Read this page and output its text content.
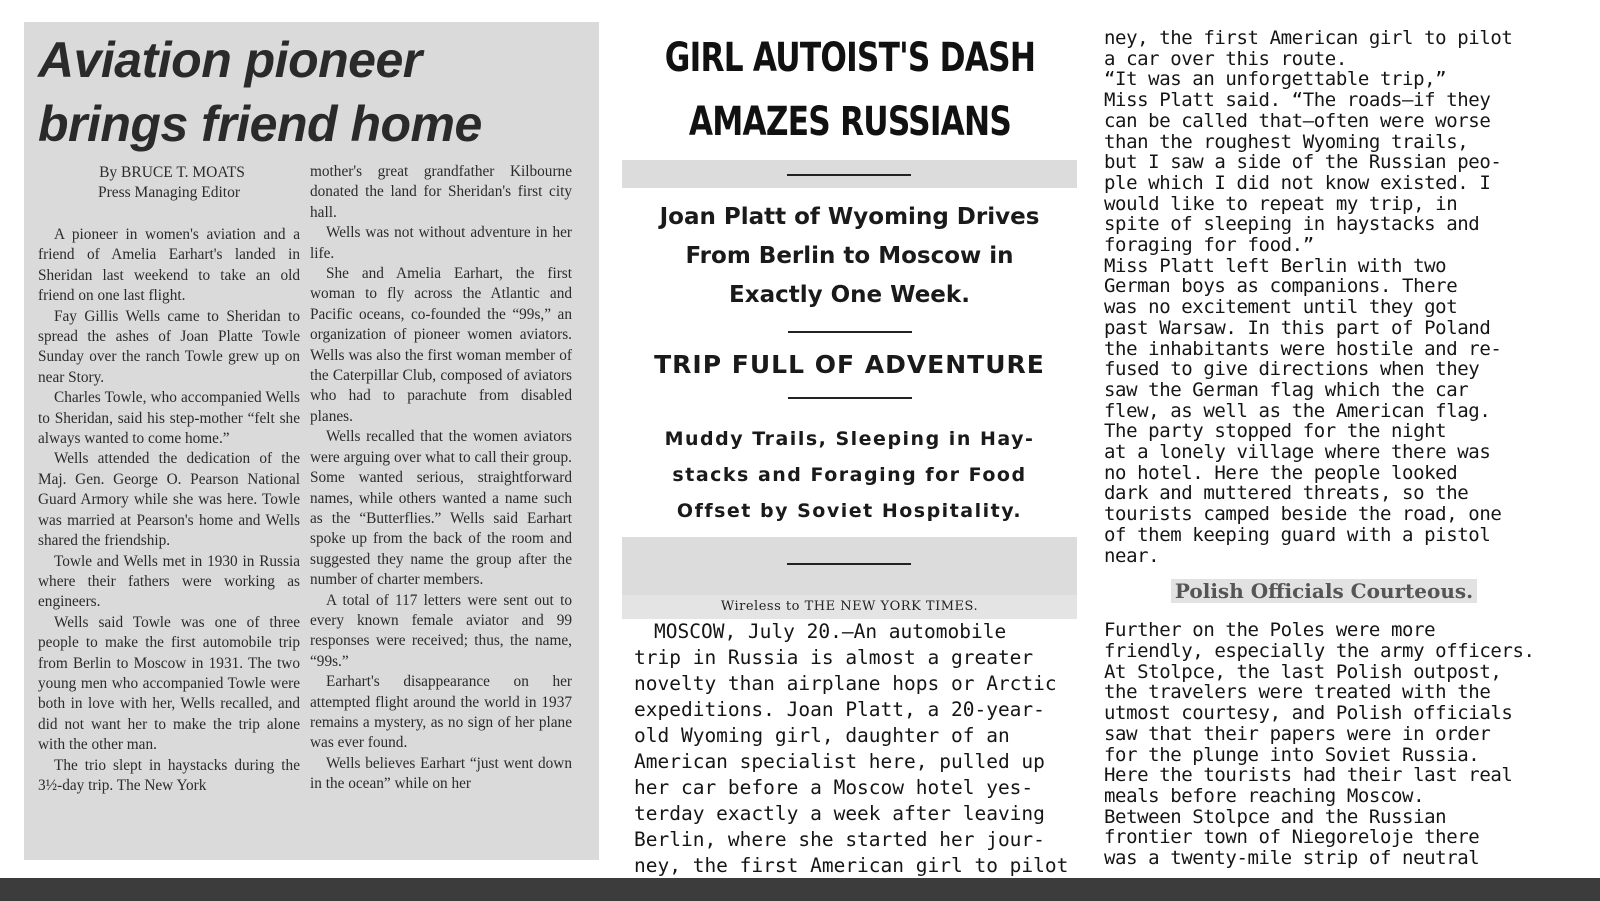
Aviation pioneer
brings friend home
By BRUCE T. MOATS
Press Managing Editor

A pioneer in women's aviation and a friend of Amelia Earhart's landed in Sheridan last weekend to take an old friend on one last flight.

Fay Gillis Wells came to Sheridan to spread the ashes of Joan Platte Towle Sunday over the ranch Towle grew up on near Story.

Charles Towle, who accompanied Wells to Sheridan, said his step-mother “felt she always wanted to come home.”

Wells attended the dedication of the Maj. Gen. George O. Pearson National Guard Armory while she was here. Towle was married at Pearson's home and Wells shared the friendship.

Towle and Wells met in 1930 in Russia where their fathers were working as engineers.

Wells said Towle was one of three people to make the first automobile trip from Berlin to Moscow in 1931. The two young men who accompanied Towle were both in love with her, Wells recalled, and did not want her to make the trip alone with the other man.

The trio slept in haystacks during the 3½-day trip. The New York

mother's great grandfather Kilbourne donated the land for Sheridan's first city hall.

Wells was not without adventure in her life.

She and Amelia Earhart, the first woman to fly across the Atlantic and Pacific oceans, co-founded the “99s,” an organization of pioneer women aviators. Wells was also the first woman member of the Caterpillar Club, composed of aviators who had to parachute from disabled planes.

Wells recalled that the women aviators were arguing over what to call their group. Some wanted serious, straightforward names, while others wanted a name such as the “Butterflies.” Wells said Earhart spoke up from the back of the room and suggested they name the group after the number of charter members.

A total of 117 letters were sent out to every known female aviator and 99 responses were received; thus, the name, “99s.”

Earhart's disappearance on her attempted flight around the world in 1937 remains a mystery, as no sign of her plane was ever found.

Wells believes Earhart “just went down in the ocean” while on her

GIRL AUTOIST'S DASH
AMAZES RUSSIANS
Joan Platt of Wyoming Drives
From Berlin to Moscow in
Exactly One Week.
TRIP FULL OF ADVENTURE
Muddy Trails, Sleeping in Hay-
stacks and Foraging for Food
Offset by Soviet Hospitality.
Wireless to THE NEW YORK TIMES.
MOSCOW, July 20.—An automobile
trip in Russia is almost a greater
novelty than airplane hops or Arctic
expeditions. Joan Platt, a 20-year-
old Wyoming girl, daughter of an
American specialist here, pulled up
her car before a Moscow hotel yes-
terday exactly a week after leaving
Berlin, where she started her jour-
ney, the first American girl to pilot
ney, the first American girl to pilot
a car over this route.
“It was an unforgettable trip,”
Miss Platt said. “The roads—if they
can be called that—often were worse
than the roughest Wyoming trails,
but I saw a side of the Russian peo-
ple which I did not know existed. I
would like to repeat my trip, in
spite of sleeping in haystacks and
foraging for food.”
Miss Platt left Berlin with two
German boys as companions. There
was no excitement until they got
past Warsaw. In this part of Poland
the inhabitants were hostile and re-
fused to give directions when they
saw the German flag which the car
flew, as well as the American flag.
The party stopped for the night
at a lonely village where there was
no hotel. Here the people looked
dark and muttered threats, so the
tourists camped beside the road, one
of them keeping guard with a pistol
near.
Polish Officials Courteous.
Further on the Poles were more
friendly, especially the army officers.
At Stolpce, the last Polish outpost,
the travelers were treated with the
utmost courtesy, and Polish officials
saw that their papers were in order
for the plunge into Soviet Russia.
Here the tourists had their last real
meals before reaching Moscow.
Between Stolpce and the Russian
frontier town of Niegoreloje there
was a twenty-mile strip of neutral
